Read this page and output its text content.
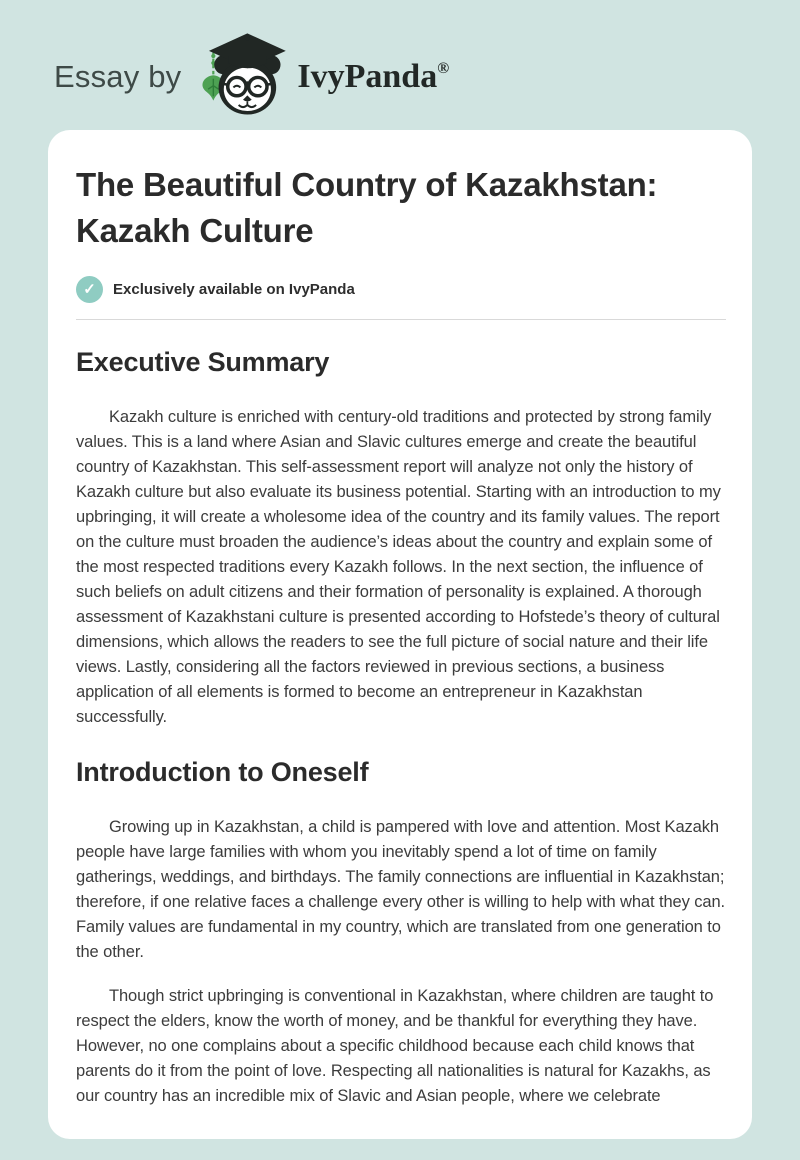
Essay by	IvyPanda®
The Beautiful Country of Kazakhstan: Kazakh Culture
✓
Exclusively available on IvyPanda
Executive Summary

Kazakh culture is enriched with century-old traditions and protected by strong family values. This is a land where Asian and Slavic cultures emerge and create the beautiful country of Kazakhstan. This self-assessment report will analyze not only the history of Kazakh culture but also evaluate its business potential. Starting with an introduction to my upbringing, it will create a wholesome idea of the country and its family values. The report on the culture must broaden the audience’s ideas about the country and explain some of the most respected traditions every Kazakh follows. In the next section, the influence of such beliefs on adult citizens and their formation of personality is explained. A thorough assessment of Kazakhstani culture is presented according to Hofstede’s theory of cultural dimensions, which allows the readers to see the full picture of social nature and their life views. Lastly, considering all the factors reviewed in previous sections, a business application of all elements is formed to become an entrepreneur in Kazakhstan successfully.

Introduction to Oneself

Growing up in Kazakhstan, a child is pampered with love and attention. Most Kazakh people have large families with whom you inevitably spend a lot of time on family gatherings, weddings, and birthdays. The family connections are influential in Kazakhstan; therefore, if one relative faces a challenge every other is willing to help with what they can. Family values are fundamental in my country, which are translated from one generation to the other.

Though strict upbringing is conventional in Kazakhstan, where children are taught to respect the elders, know the worth of money, and be thankful for everything they have. However, no one complains about a specific childhood because each child knows that parents do it from the point of love. Respecting all nationalities is natural for Kazakhs, as our country has an incredible mix of Slavic and Asian people, where we celebrate
